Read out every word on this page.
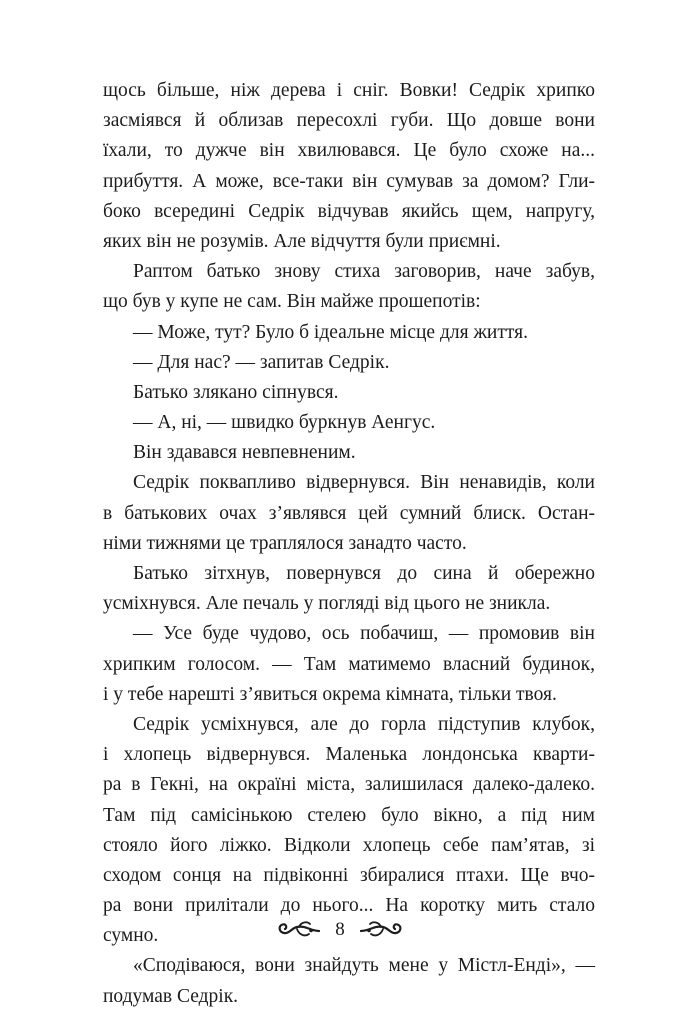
щось більше, ніж дерева і сніг. Вовки! Седрік хрипко
засміявся й облизав пересохлі губи. Що довше вони
їхали, то дужче він хвилювався. Це було схоже на...
прибуття. А може, все-таки він сумував за домом? Гли-
боко всередині Седрік відчував якийсь щем, напругу,
яких він не розумів. Але відчуття були приємні.
Раптом батько знову стиха заговорив, наче забув,
що був у купе не сам. Він майже прошепотів:
— Може, тут? Було б ідеальне місце для життя.
— Для нас? — запитав Седрік.
Батько злякано сіпнувся.
— А, ні, — швидко буркнув Аенгус.
Він здавався невпевненим.
Седрік поквапливо відвернувся. Він ненавидів, коли
в батькових очах з’являвся цей сумний блиск. Остан-
німи тижнями це траплялося занадто часто.
Батько зітхнув, повернувся до сина й обережно
усміхнувся. Але печаль у погляді від цього не зникла.
— Усе буде чудово, ось побачиш, — промовив він
хрипким голосом. — Там матимемо власний будинок,
і у тебе нарешті з’явиться окрема кімната, тільки твоя.
Седрік усміхнувся, але до горла підступив клубок,
і хлопець відвернувся. Маленька лондонська кварти-
ра в Гекні, на окраїні міста, залишилася далеко-далеко.
Там під самісінькою стелею було вікно, а під ним
стояло його ліжко. Відколи хлопець себе пам’ятав, зі
сходом сонця на підвіконні збиралися птахи. Ще вчо-
ра вони прилітали до нього... На коротку мить стало
сумно.
«Сподіваюся, вони знайдуть мене у Містл-Енді», —
подумав Седрік.
8
